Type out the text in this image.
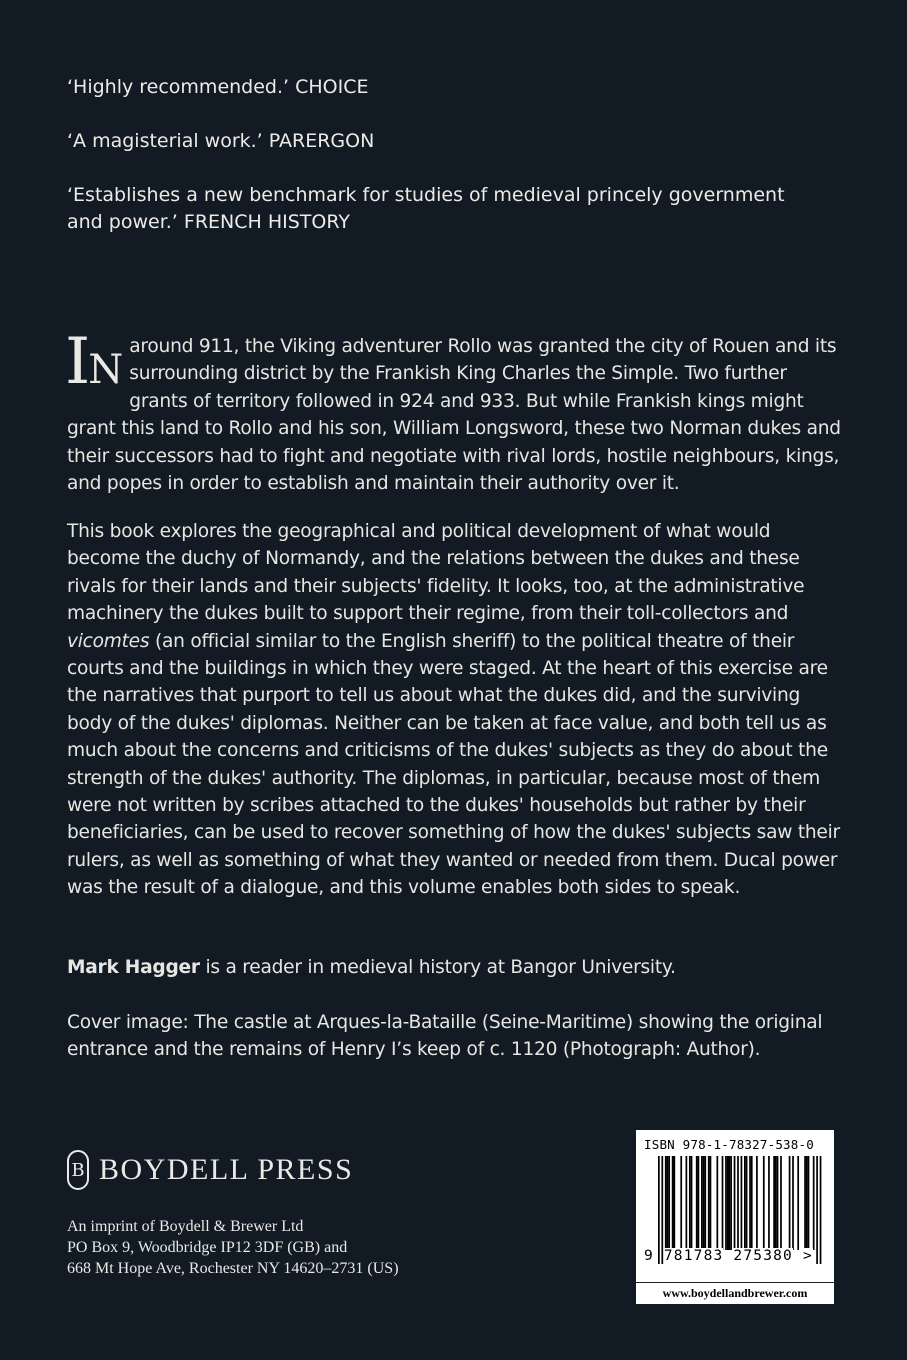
‘Highly recommended.’ CHOICE

‘A magisterial work.’ PARERGON

‘Establishes a new benchmark for studies of medieval princely government and power.’ FRENCH HISTORY

IN
around 911, the Viking adventurer Rollo was granted the city of Rouen and its surrounding district by the Frankish King Charles the Simple. Two further grants of territory followed in 924 and 933. But while Frankish kings might grant this land to Rollo and his son, William Longsword, these two Norman dukes and their successors had to fight and negotiate with rival lords, hostile neighbours, kings, and popes in order to establish and maintain their authority over it.

This book explores the geographical and political development of what would become the duchy of Normandy, and the relations between the dukes and these rivals for their lands and their subjects' fidelity. It looks, too, at the administrative machinery the dukes built to support their regime, from their toll-collectors and vicomtes (an official similar to the English sheriff) to the political theatre of their courts and the buildings in which they were staged. At the heart of this exercise are the narratives that purport to tell us about what the dukes did, and the surviving body of the dukes' diplomas. Neither can be taken at face value, and both tell us as much about the concerns and criticisms of the dukes' subjects as they do about the strength of the dukes' authority. The diplomas, in particular, because most of them were not written by scribes attached to the dukes' households but rather by their beneficiaries, can be used to recover something of how the dukes' subjects saw their rulers, as well as something of what they wanted or needed from them. Ducal power was the result of a dialogue, and this volume enables both sides to speak.

Mark Hagger is a reader in medieval history at Bangor University.

Cover image: The castle at Arques-la-Bataille (Seine-Maritime) showing the original entrance and the remains of Henry I’s keep of c. 1120 (Photograph: Author).

B BOYDELL PRESS
An imprint of Boydell & Brewer Ltd
PO Box 9, Woodbridge IP12 3DF (GB) and
668 Mt Hope Ave, Rochester NY 14620–2731 (US)
ISBN 978-1-78327-538-0
9 781783 275380 >
www.boydellandbrewer.com
